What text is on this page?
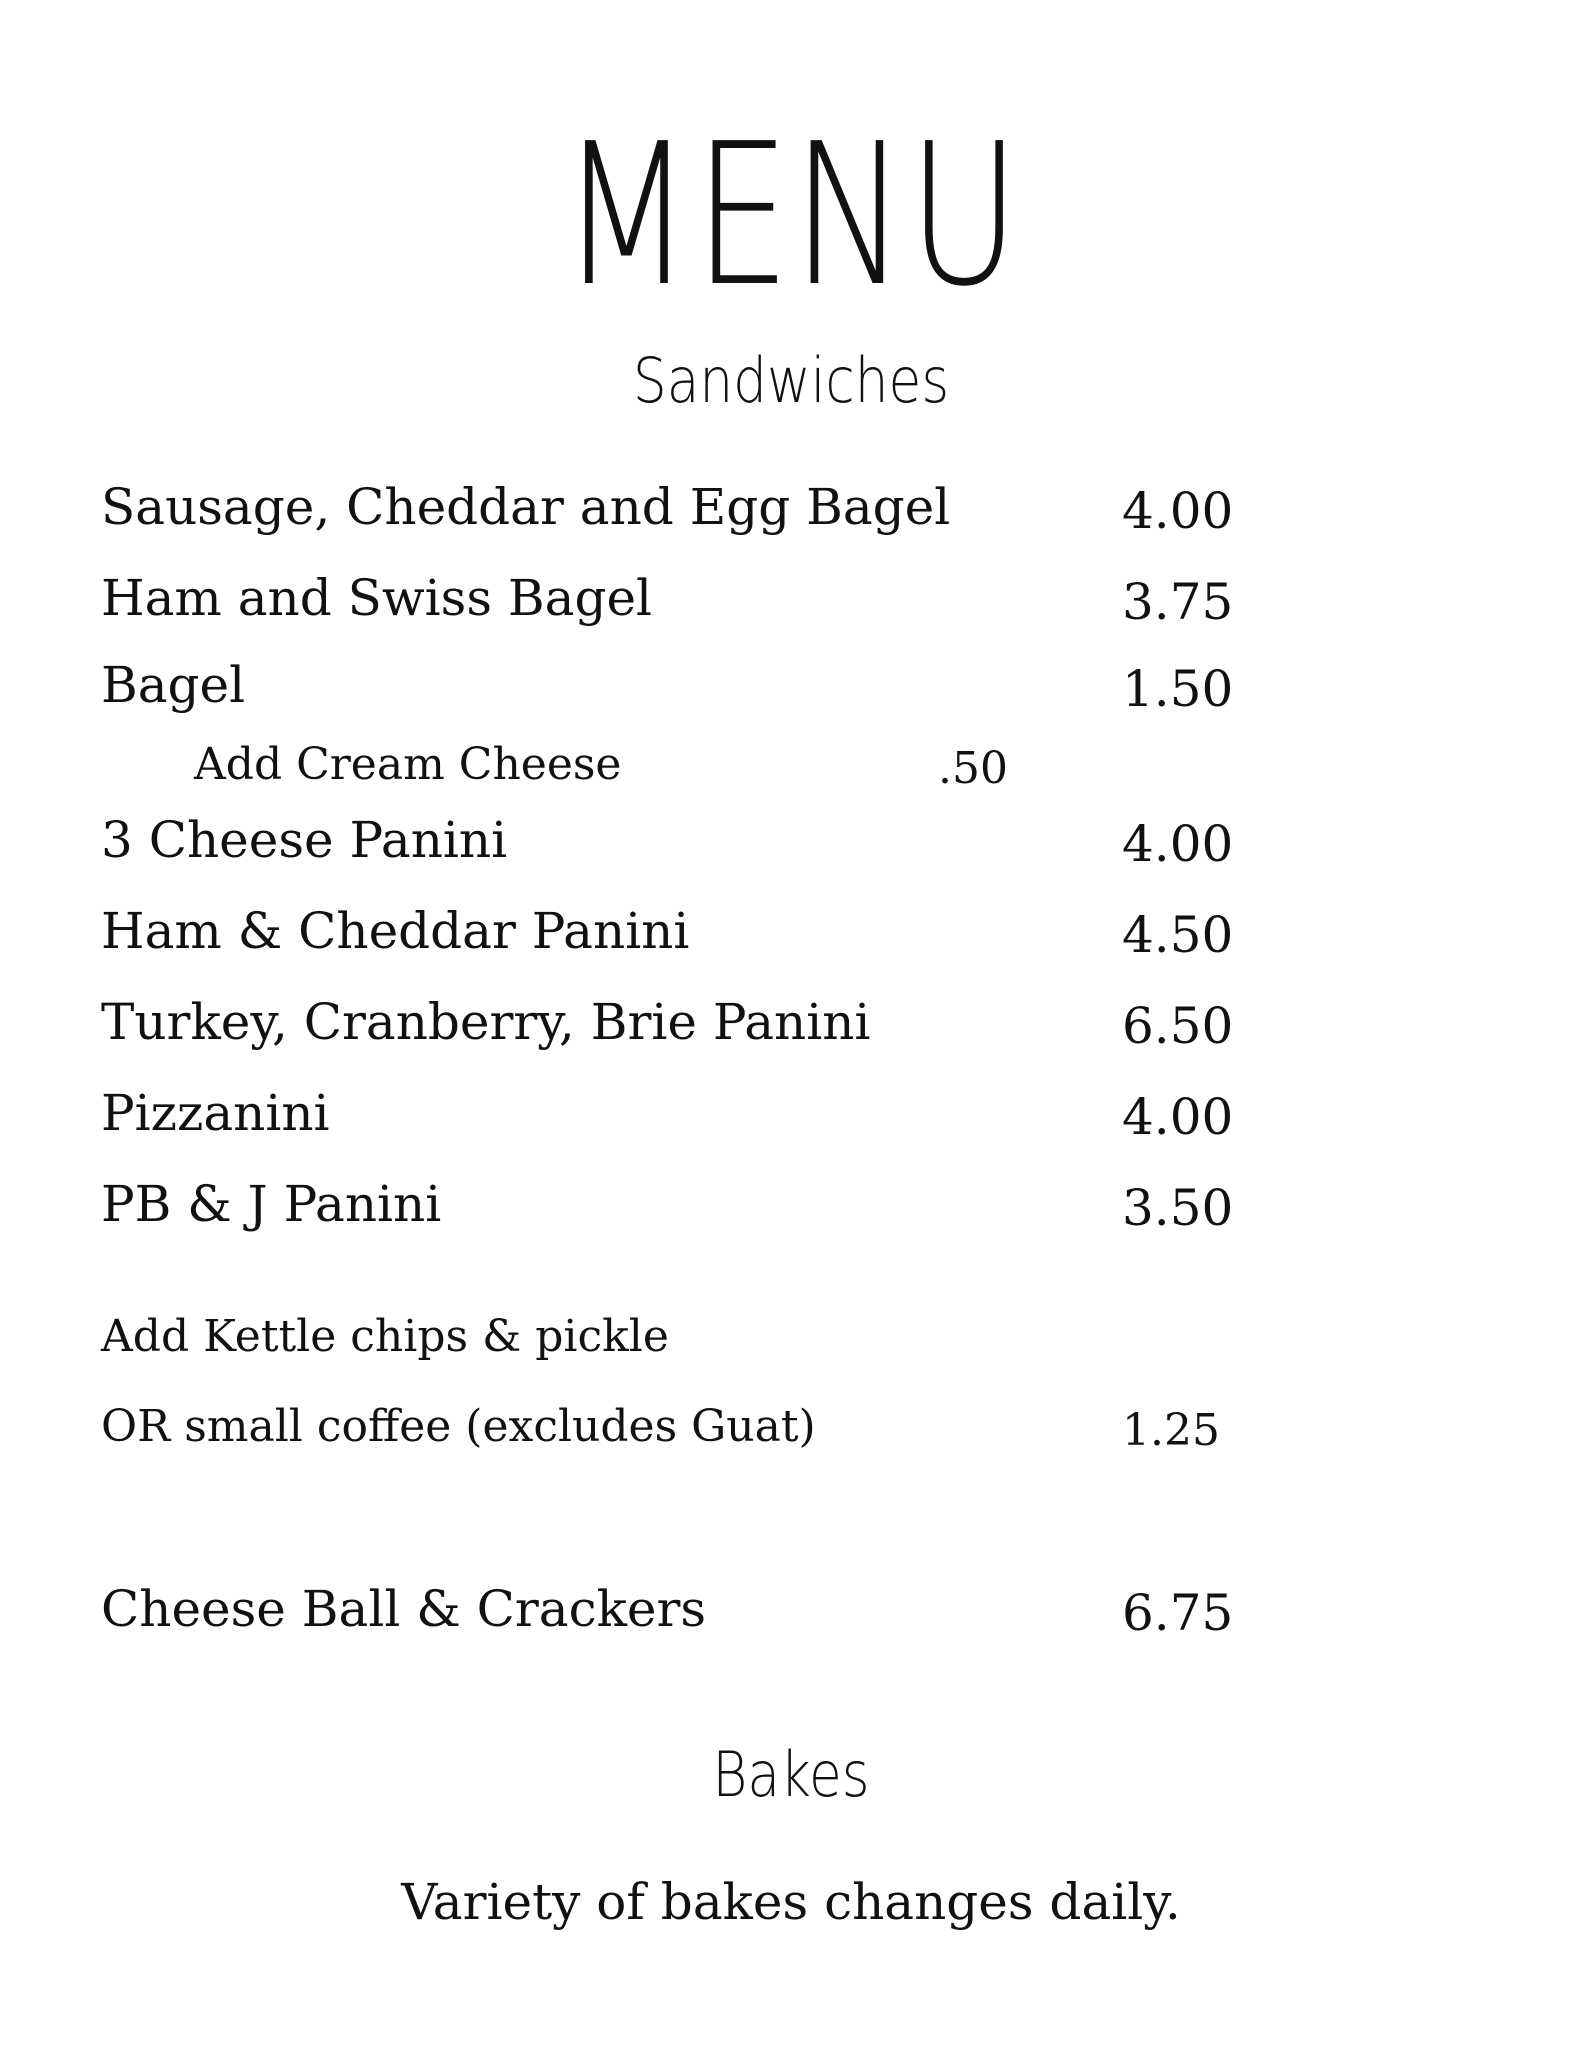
MENU
Sandwiches
Sausage, Cheddar and Egg Bagel	4.00
Ham and Swiss Bagel	3.75
Bagel	1.50
Add Cream Cheese	.50
3 Cheese Panini	4.00
Ham & Cheddar Panini	4.50
Turkey, Cranberry, Brie Panini	6.50
Pizzanini	4.00
PB & J Panini	3.50
Add Kettle chips & pickle
OR small coffee (excludes Guat)	1.25
Cheese Ball & Crackers	6.75
Bakes
Variety of bakes changes daily.
